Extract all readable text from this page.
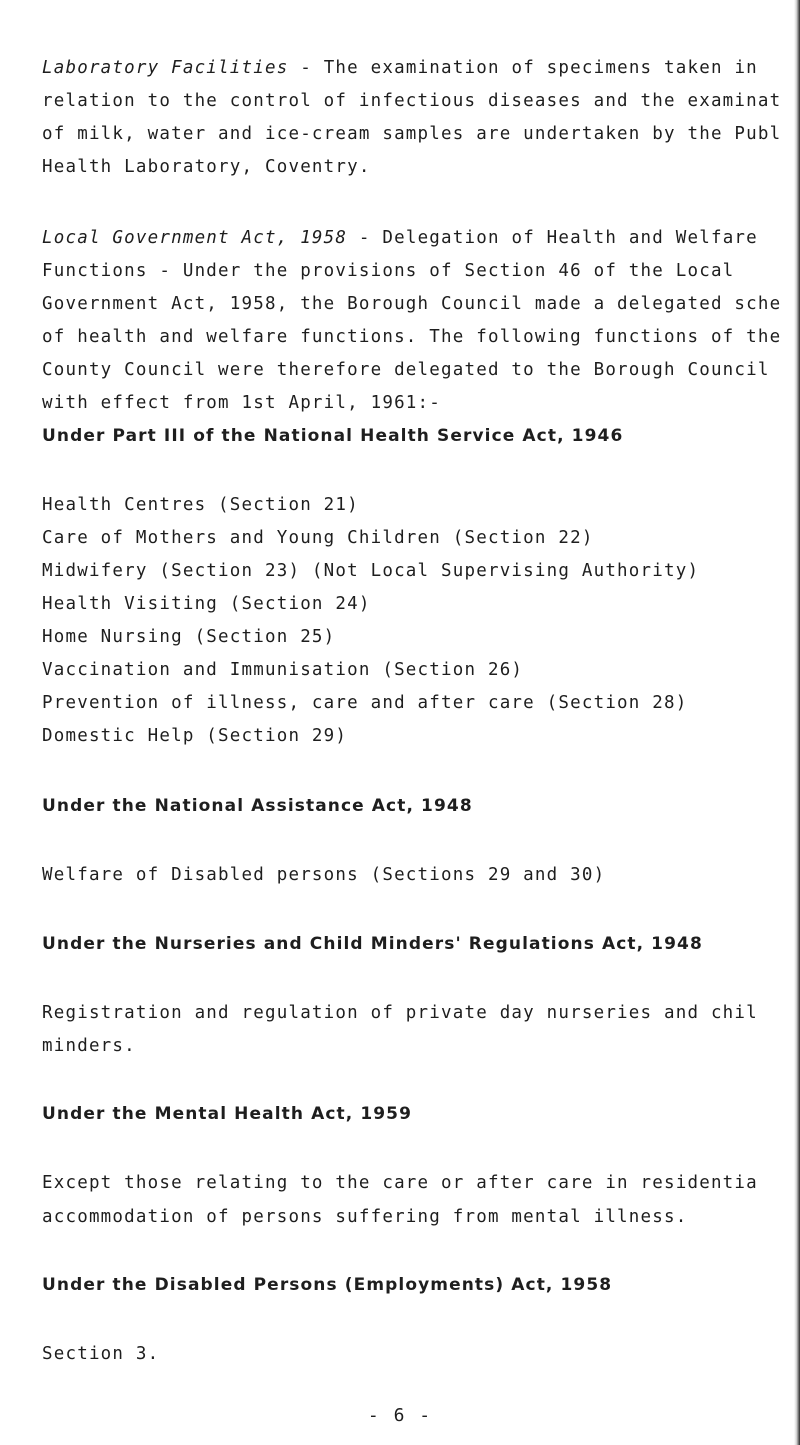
Laboratory Facilities - The examination of specimens taken in
relation to the control of infectious diseases and the examinat
of milk, water and ice-cream samples are undertaken by the Publ
Health Laboratory, Coventry.
Local Government Act, 1958 - Delegation of Health and Welfare
Functions - Under the provisions of Section 46 of the Local
Government Act, 1958, the Borough Council made a delegated sche
of health and welfare functions. The following functions of the
County Council were therefore delegated to the Borough Council
with effect from 1st April, 1961:-
Under Part III of the National Health Service Act, 1946
Health Centres (Section 21)
Care of Mothers and Young Children (Section 22)
Midwifery (Section 23) (Not Local Supervising Authority)
Health Visiting (Section 24)
Home Nursing (Section 25)
Vaccination and Immunisation (Section 26)
Prevention of illness, care and after care (Section 28)
Domestic Help (Section 29)
Under the National Assistance Act, 1948
Welfare of Disabled persons (Sections 29 and 30)
Under the Nurseries and Child Minders' Regulations Act, 1948
Registration and regulation of private day nurseries and chil
minders.
Under the Mental Health Act, 1959
Except those relating to the care or after care in residentia
accommodation of persons suffering from mental illness.
Under the Disabled Persons (Employments) Act, 1958
Section 3.
- 6 -
